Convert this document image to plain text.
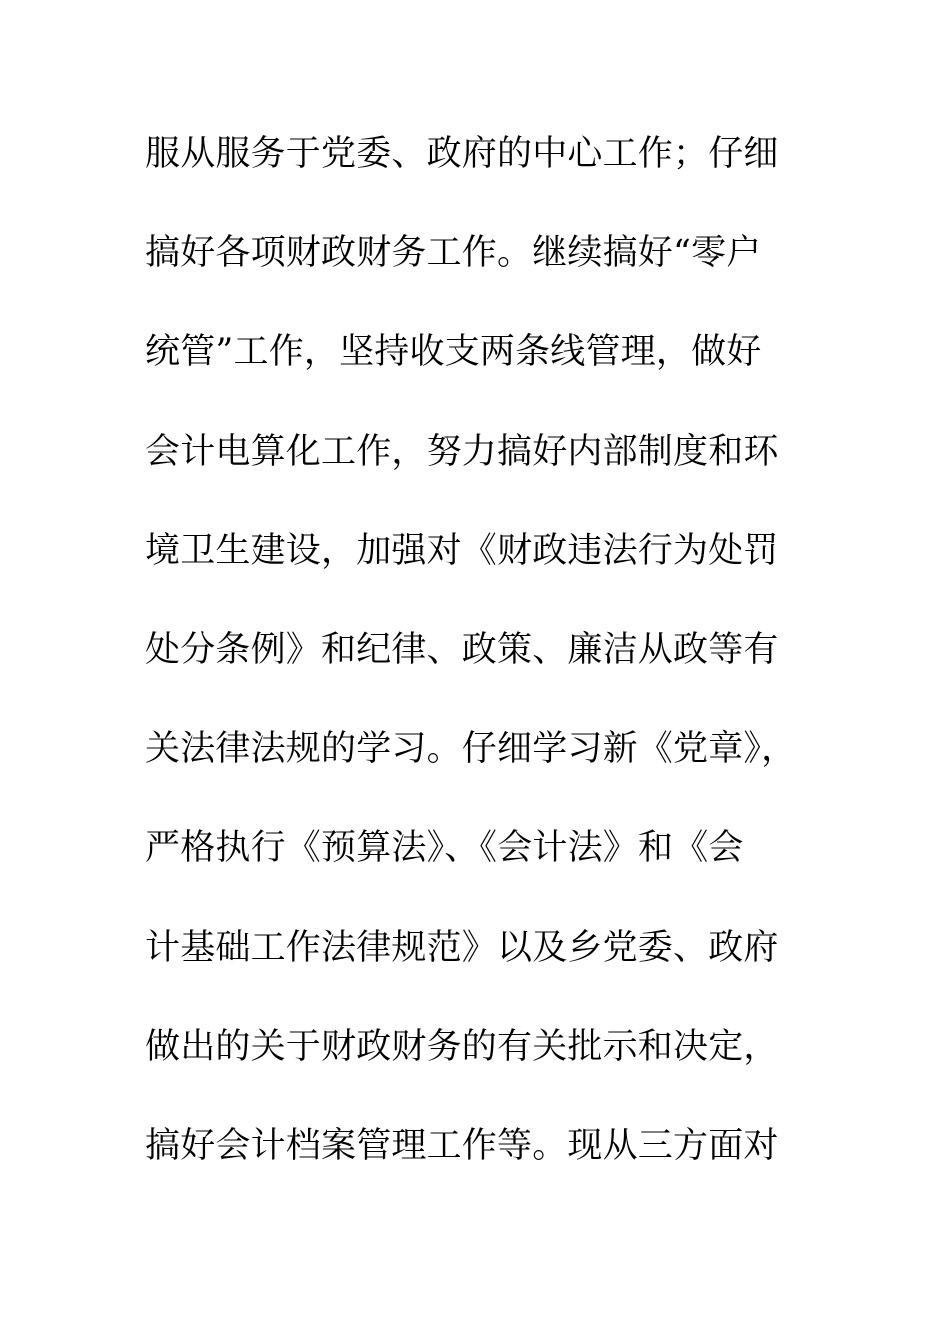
服从服务于党委、政府的中心工作；仔细
搞好各项财政财务工作。继续搞好“零户
统管”工作，坚持收支两条线管理，做好
会计电算化工作，努力搞好内部制度和环
境卫生建设，加强对《财政违法行为处罚
处分条例》和纪律、政策、廉洁从政等有
关法律法规的学习。仔细学习新《党章》，
严格执行《预算法》、《会计法》和《会
计基础工作法律规范》以及乡党委、政府
做出的关于财政财务的有关批示和决定，
搞好会计档案管理工作等。现从三方面对
